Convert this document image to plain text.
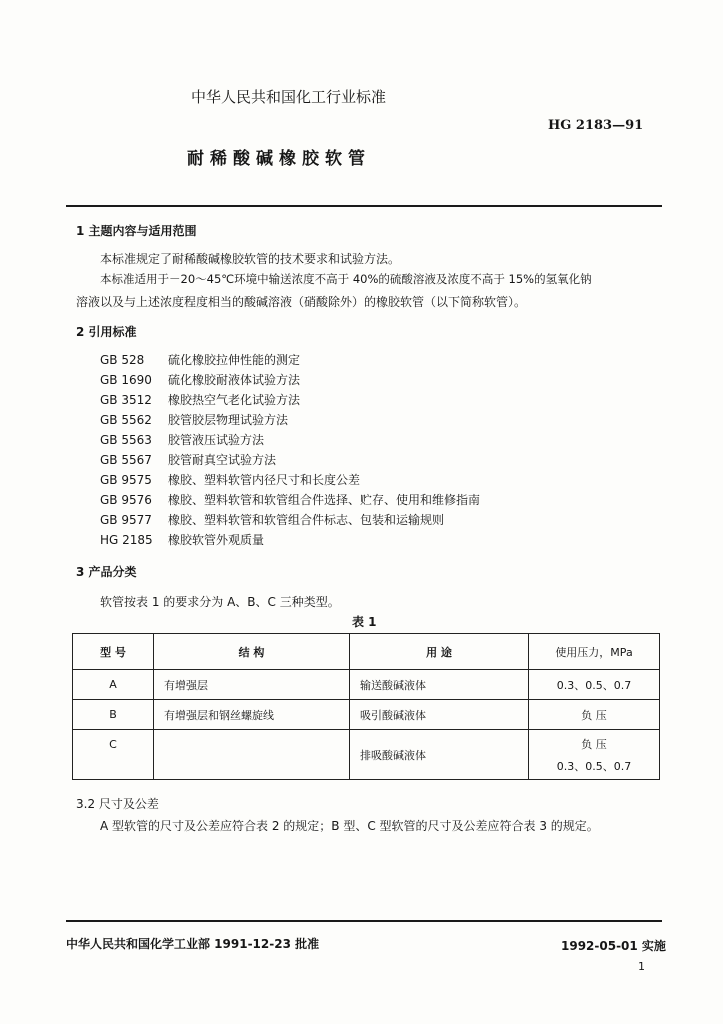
中华人民共和国化工行业标准
HG 2183—91
耐稀酸碱橡胶软管
1 主题内容与适用范围
本标准规定了耐稀酸碱橡胶软管的技术要求和试验方法。
本标准适用于－20～45℃环境中输送浓度不高于 40%的硫酸溶液及浓度不高于 15%的氢氧化钠
溶液以及与上述浓度程度相当的酸碱溶液（硝酸除外）的橡胶软管（以下简称软管）。
2 引用标准
GB 528 硫化橡胶拉伸性能的测定
GB 1690 硫化橡胶耐液体试验方法
GB 3512 橡胶热空气老化试验方法
GB 5562 胶管胶层物理试验方法
GB 5563 胶管液压试验方法
GB 5567 胶管耐真空试验方法
GB 9575 橡胶、塑料软管内径尺寸和长度公差
GB 9576 橡胶、塑料软管和软管组合件选择、贮存、使用和维修指南
GB 9577 橡胶、塑料软管和软管组合件标志、包装和运输规则
HG 2185 橡胶软管外观质量
3 产品分类
软管按表 1 的要求分为 A、B、C 三种类型。
表 1
型 号	结 构	用 途	使用压力，MPa
A	有增强层	输送酸碱液体	0.3、0.5、0.7
B	有增强层和钢丝螺旋线	吸引酸碱液体	负 压
C		排吸酸碱液体	负 压
0.3、0.5、0.7
3.2 尺寸及公差
A 型软管的尺寸及公差应符合表 2 的规定；B 型、C 型软管的尺寸及公差应符合表 3 的规定。
中华人民共和国化学工业部 1991-12-23 批准	1992-05-01 实施
1
